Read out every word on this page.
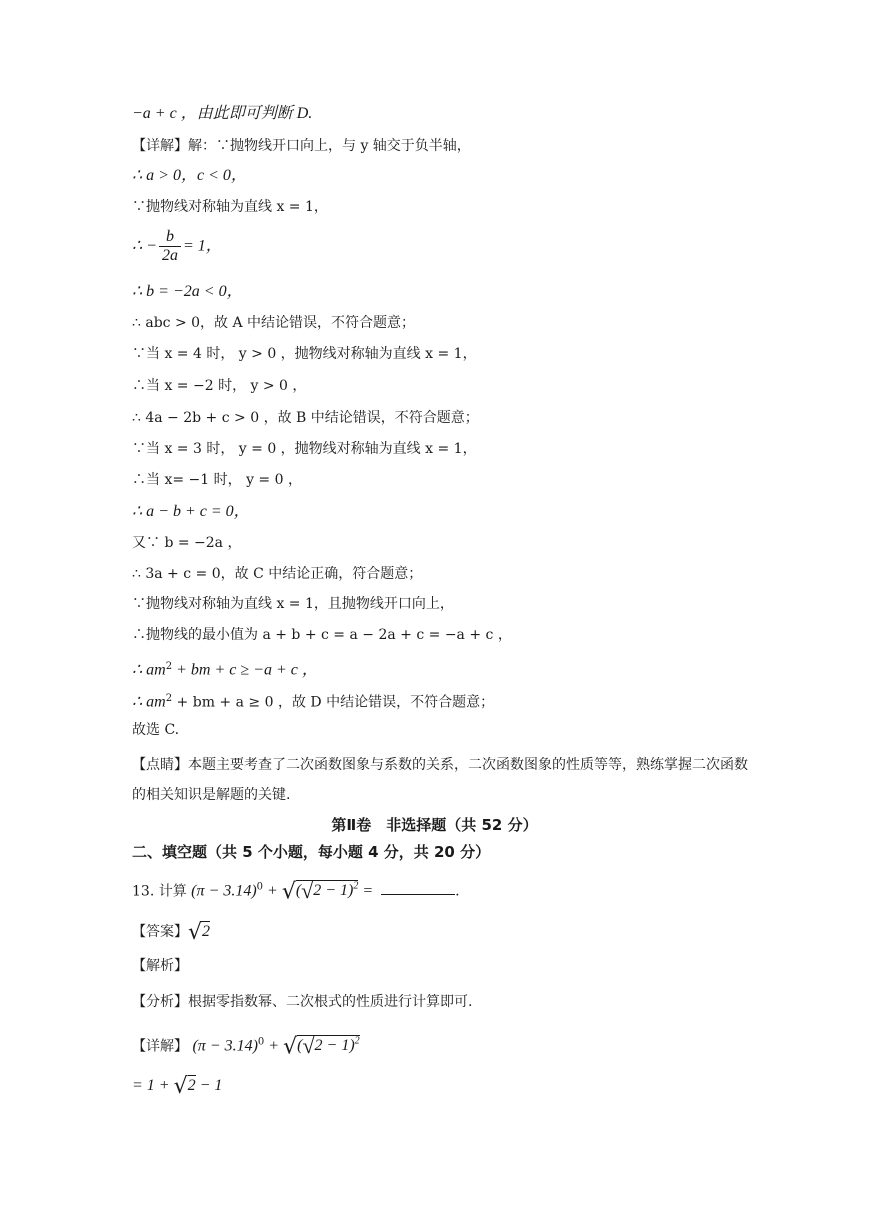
−a + c ，由此即可判断 D.
【详解】解：∵抛物线开口向上，与 y 轴交于负半轴，
∴ a > 0，c < 0，
∵抛物线对称轴为直线 x = 1，
∴ − $\frac{b}{2a} = 1$，
∴ b = −2a < 0，
∴ abc > 0，故 A 中结论错误，不符合题意；
∵当 x = 4 时， y > 0 ，抛物线对称轴为直线 x = 1，
∴当 x = −2 时， y > 0 ，
∴ 4a − 2b + c > 0 ，故 B 中结论错误，不符合题意；
∵当 x = 3 时， y = 0 ，抛物线对称轴为直线 x = 1，
∴当 x= −1 时， y = 0 ，
∴ a − b + c = 0，
又∵ b = −2a ，
∴ 3a + c = 0，故 C 中结论正确，符合题意；
∵抛物线对称轴为直线 x = 1，且抛物线开口向上，
∴抛物线的最小值为 a + b + c = a − 2a + c = −a + c ，
∴ $am^2$ + bm + c ≥ −a + c ，
∴ $am^2$ + bm + a ≥ 0 ，故 D 中结论错误，不符合题意；
故选 C.
【点睛】本题主要考查了二次函数图象与系数的关系，二次函数图象的性质等等，熟练掌握二次函数的相关知识是解题的关键.
第Ⅱ卷　非选择题（共 52 分）
二、填空题（共 5 个小题，每小题 4 分，共 20 分）
13. 计算 $(\pi - 3.14)^0 + √(√2 - 1)^2$ =	.
【答案】√2
【解析】
【分析】根据零指数幂、二次根式的性质进行计算即可.
【详解】 $(\pi - 3.14)^0 + √(√2 - 1)^2$
= 1 + √2 − 1
